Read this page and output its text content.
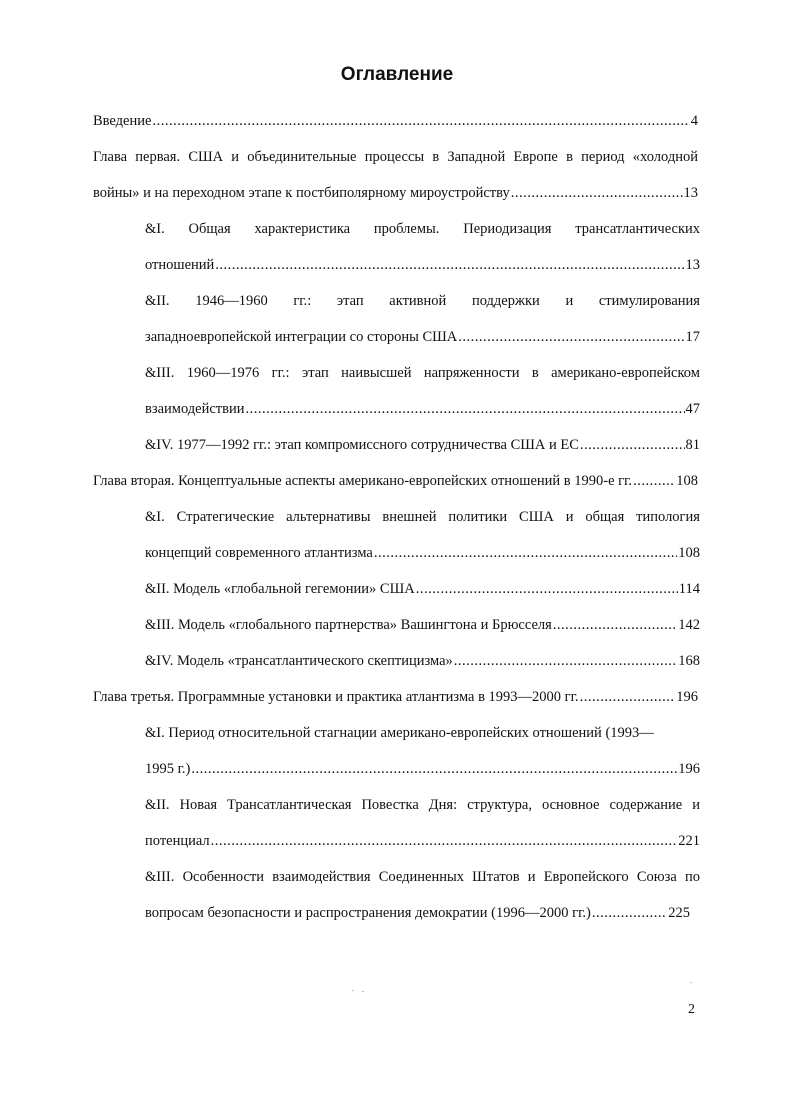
Оглавление
Введение .....	4
Глава первая. США и объединительные процессы в Западной Европе в период «холодной
войны» и на переходном этапе к постбиполярному мироустройству .....	13
&I. Общая характеристика проблемы. Периодизация трансатлантических
отношений .....	13
&II. 1946—1960 гг.: этап активной поддержки и стимулирования
западноевропейской интеграции со стороны США .....	17
&III. 1960—1976 гг.: этап наивысшей напряженности в американо-европейском
взаимодействии .....	47
&IV. 1977—1992 гг.: этап компромиссного сотрудничества США и ЕС .....	81
Глава вторая. Концептуальные аспекты американо-европейских отношений в 1990-е гг. .....	108
&I. Стратегические альтернативы внешней политики США и общая типология
концепций современного атлантизма .....	108
&II. Модель «глобальной гегемонии» США .....	114
&III. Модель «глобального партнерства» Вашингтона и Брюсселя .....	142
&IV. Модель «трансатлантического скептицизма» .....	168
Глава третья. Программные установки и практика атлантизма в 1993—2000 гг. .....	196
&I. Период относительной стагнации американо-европейских отношений (1993—
1995 г.) .....	196
&II. Новая Трансатлантическая Повестка Дня: структура, основное содержание и
потенциал .....	221
&III. Особенности взаимодействия Соединенных Штатов и Европейского Союза по
вопросам безопасности и распространения демократии (1996—2000 гг.) .....	225
2
